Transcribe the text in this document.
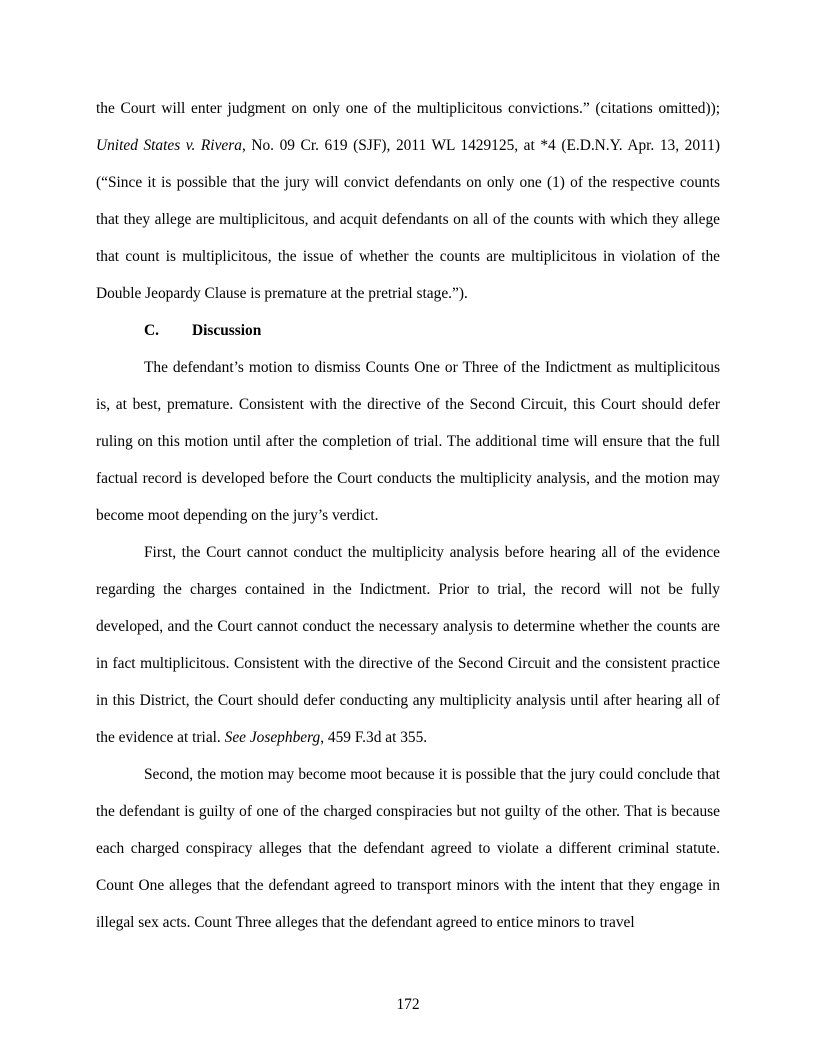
the Court will enter judgment on only one of the multiplicitous convictions.” (citations omitted)); United States v. Rivera, No. 09 Cr. 619 (SJF), 2011 WL 1429125, at *4 (E.D.N.Y. Apr. 13, 2011) (“Since it is possible that the jury will convict defendants on only one (1) of the respective counts that they allege are multiplicitous, and acquit defendants on all of the counts with which they allege that count is multiplicitous, the issue of whether the counts are multiplicitous in violation of the Double Jeopardy Clause is premature at the pretrial stage.”).

C. Discussion

The defendant’s motion to dismiss Counts One or Three of the Indictment as multiplicitous is, at best, premature. Consistent with the directive of the Second Circuit, this Court should defer ruling on this motion until after the completion of trial. The additional time will ensure that the full factual record is developed before the Court conducts the multiplicity analysis, and the motion may become moot depending on the jury’s verdict.

First, the Court cannot conduct the multiplicity analysis before hearing all of the evidence regarding the charges contained in the Indictment. Prior to trial, the record will not be fully developed, and the Court cannot conduct the necessary analysis to determine whether the counts are in fact multiplicitous. Consistent with the directive of the Second Circuit and the consistent practice in this District, the Court should defer conducting any multiplicity analysis until after hearing all of the evidence at trial. See Josephberg, 459 F.3d at 355.

Second, the motion may become moot because it is possible that the jury could conclude that the defendant is guilty of one of the charged conspiracies but not guilty of the other. That is because each charged conspiracy alleges that the defendant agreed to violate a different criminal statute. Count One alleges that the defendant agreed to transport minors with the intent that they engage in illegal sex acts. Count Three alleges that the defendant agreed to entice minors to travel

172
